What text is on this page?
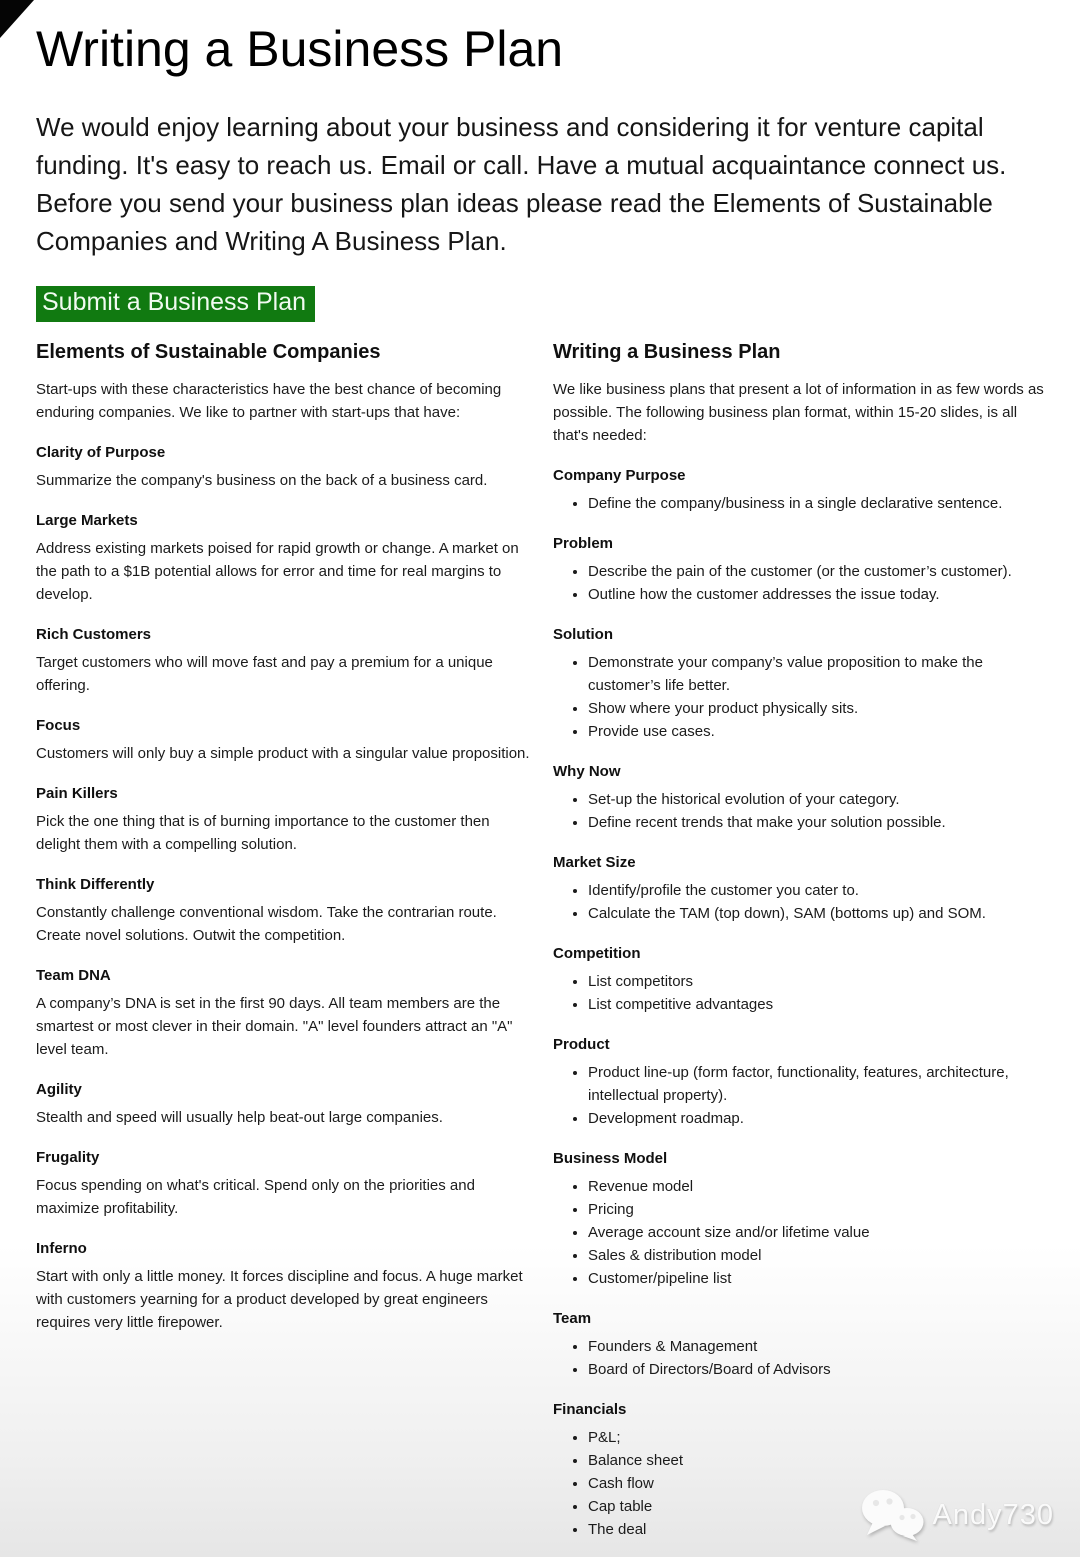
Writing a Business Plan

We would enjoy learning about your business and considering it for venture capital funding. It's easy to reach us. Email or call. Have a mutual acquaintance connect us. Before you send your business plan ideas please read the Elements of Sustainable Companies and Writing A Business Plan.

Submit a Business Plan
Elements of Sustainable Companies

Start-ups with these characteristics have the best chance of becoming enduring companies. We like to partner with start-ups that have:

Clarity of Purpose

Summarize the company's business on the back of a business card.

Large Markets

Address existing markets poised for rapid growth or change. A market on the path to a $1B potential allows for error and time for real margins to develop.

Rich Customers

Target customers who will move fast and pay a premium for a unique offering.

Focus

Customers will only buy a simple product with a singular value proposition.

Pain Killers

Pick the one thing that is of burning importance to the customer then delight them with a compelling solution.

Think Differently

Constantly challenge conventional wisdom. Take the contrarian route. Create novel solutions. Outwit the competition.

Team DNA

A company’s DNA is set in the first 90 days. All team members are the smartest or most clever in their domain. "A" level founders attract an "A" level team.

Agility

Stealth and speed will usually help beat-out large companies.

Frugality

Focus spending on what's critical. Spend only on the priorities and maximize profitability.

Inferno

Start with only a little money. It forces discipline and focus. A huge market with customers yearning for a product developed by great engineers requires very little firepower.

Writing a Business Plan

We like business plans that present a lot of information in as few words as possible. The following business plan format, within 15-20 slides, is all that's needed:

Company Purpose
• Define the company/business in a single declarative sentence.
Problem
• Describe the pain of the customer (or the customer’s customer).
• Outline how the customer addresses the issue today.
Solution
• Demonstrate your company’s value proposition to make the customer’s life better.
• Show where your product physically sits.
• Provide use cases.
Why Now
• Set-up the historical evolution of your category.
• Define recent trends that make your solution possible.
Market Size
• Identify/profile the customer you cater to.
• Calculate the TAM (top down), SAM (bottoms up) and SOM.
Competition
• List competitors
• List competitive advantages
Product
• Product line-up (form factor, functionality, features, architecture, intellectual property).
• Development roadmap.
Business Model
• Revenue model
• Pricing
• Average account size and/or lifetime value
• Sales & distribution model
• Customer/pipeline list
Team
• Founders & Management
• Board of Directors/Board of Advisors
Financials
• P&L;
• Balance sheet
• Cash flow
• Cap table
• The deal	Andy730
